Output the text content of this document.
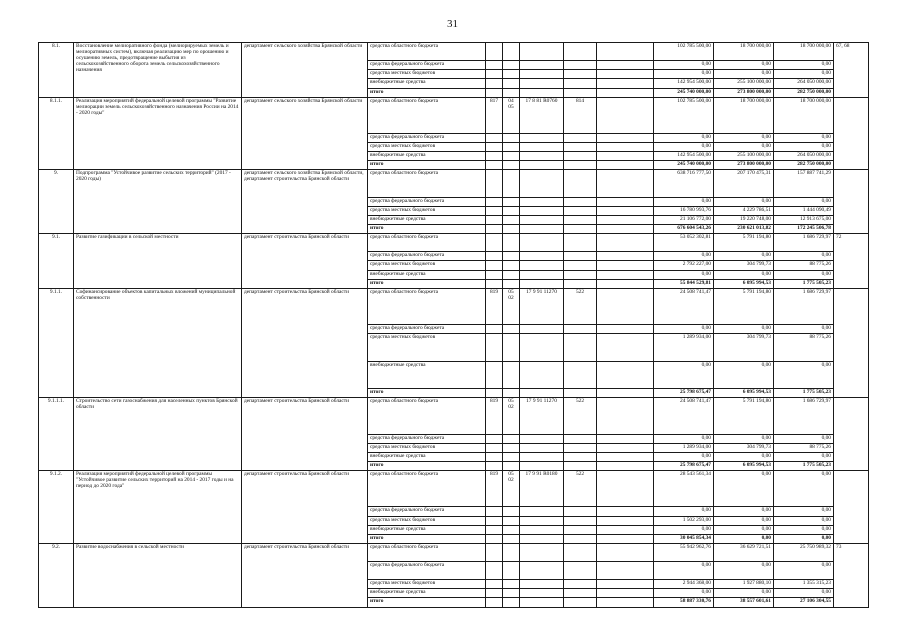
31
8.1.	Восстановление мелиоративного фонда (мелиорируемых земель и мелиоративных систем), включая реализацию мер по орошению и осушению земель, предотвращение выбытия из сельскохозяйственного оборота земель сельскохозяйственного назначения	департамент сельского хозяйства Брянской области	средства областного бюджета						102 785 500,00	18 700 000,00	18 700 000,00	67, 68
			средства федерального бюджета						0,00	0,00	0,00	
			средства местных бюджетов						0,00	0,00	0,00	
			внебюджетные средства						142 954 500,00	255 100 000,00	264 050 000,00	
			итого						245 740 000,00	273 800 000,00	282 750 000,00	
8.1.1.	Реализация мероприятий федеральной целевой программы "Развитие мелиорации земель сельскохозяйственного назначения России на 2014 - 2020 годы"	департамент сельского хозяйства Брянской области	средства областного бюджета	817	04 05	17 8 81 R0760	814		102 785 500,00	18 700 000,00	18 700 000,00	
			средства федерального бюджета						0,00	0,00	0,00	
			средства местных бюджетов						0,00	0,00	0,00	
			внебюджетные средства						142 954 500,00	255 100 000,00	264 050 000,00	
			итого						245 740 000,00	273 800 000,00	282 750 000,00	
9.	Подпрограмма "Устойчивое развитие сельских территорий" (2017 - 2020 годы)	департамент сельского хозяйства Брянской области, департамент строительства Брянской области	средства областного бюджета						638 716 777,50	207 170 475,31	157 887 741,29	
			средства федерального бюджета						0,00	0,00	0,00	
			средства местных бюджетов						16 780 993,76	4 229 786,51	1 444 090,49	
			внебюджетные средства						21 106 772,00	19 220 748,00	12 913 675,00	
			итого						676 604 543,26	230 621 013,82	172 245 506,78	
9.1.	Развитие газификации в сельской местности	департамент строительства Брянской области	средства областного бюджета						53 052 302,81	5 791 194,80	1 686 729,97	72
			средства федерального бюджета						0,00	0,00	0,00	
			средства местных бюджетов						2 792 227,00	304 799,73	88 775,26	
			внебюджетные средства						0,00	0,00	0,00	
			итого						55 844 529,81	6 095 994,53	1 775 505,23	
9.1.1.	Софинансирование объектов капитальных вложений муниципальной собственности	департамент строительства Брянской области	средства областного бюджета	819	05 02	17 9 91 11270	522		24 508 741,47	5 791 194,80	1 686 729,97	
			средства федерального бюджета						0,00	0,00	0,00	
			средства местных бюджетов						1 289 934,00	304 799,73	88 775,26	
			внебюджетные средства						0,00	0,00	0,00	
			итого						25 798 675,47	6 095 994,53	1 775 505,23	
9.1.1.1.	Строительство сети газоснабжения для населенных пунктов Брянской области	департамент строительства Брянской области	средства областного бюджета	819	05 02	17 9 91 11270	522		24 508 741,47	5 791 194,80	1 686 729,97	
			средства федерального бюджета						0,00	0,00	0,00	
			средства местных бюджетов						1 289 934,00	304 799,73	88 775,26	
			внебюджетные средства						0,00	0,00	0,00	
			итого						25 798 675,47	6 095 994,53	1 775 505,23	
9.1.2.	Реализация мероприятий федеральной целевой программы "Устойчивое развитие сельских территорий на 2014 - 2017 годы и на период до 2020 года"	департамент строительства Брянской области	средства областного бюджета	819	05 02	17 9 91 R0180	522		28 543 561,34	0,00	0,00	
			средства федерального бюджета						0,00	0,00	0,00	
			средства местных бюджетов						1 502 293,00	0,00	0,00	
			внебюджетные средства						0,00	0,00	0,00	
			итого						30 045 854,34	0,00	0,00	
9.2.	Развитие водоснабжения в сельской местности	департамент строительства Брянской области	средства областного бюджета						55 942 962,76	36 629 721,51	25 750 989,32	73
			средства федерального бюджета						0,00	0,00	0,00	
			средства местных бюджетов						2 944 368,00	1 927 880,10	1 355 315,23	
			внебюджетные средства						0,00	0,00	0,00	
			итого						58 887 330,76	38 557 601,61	27 106 304,55	
